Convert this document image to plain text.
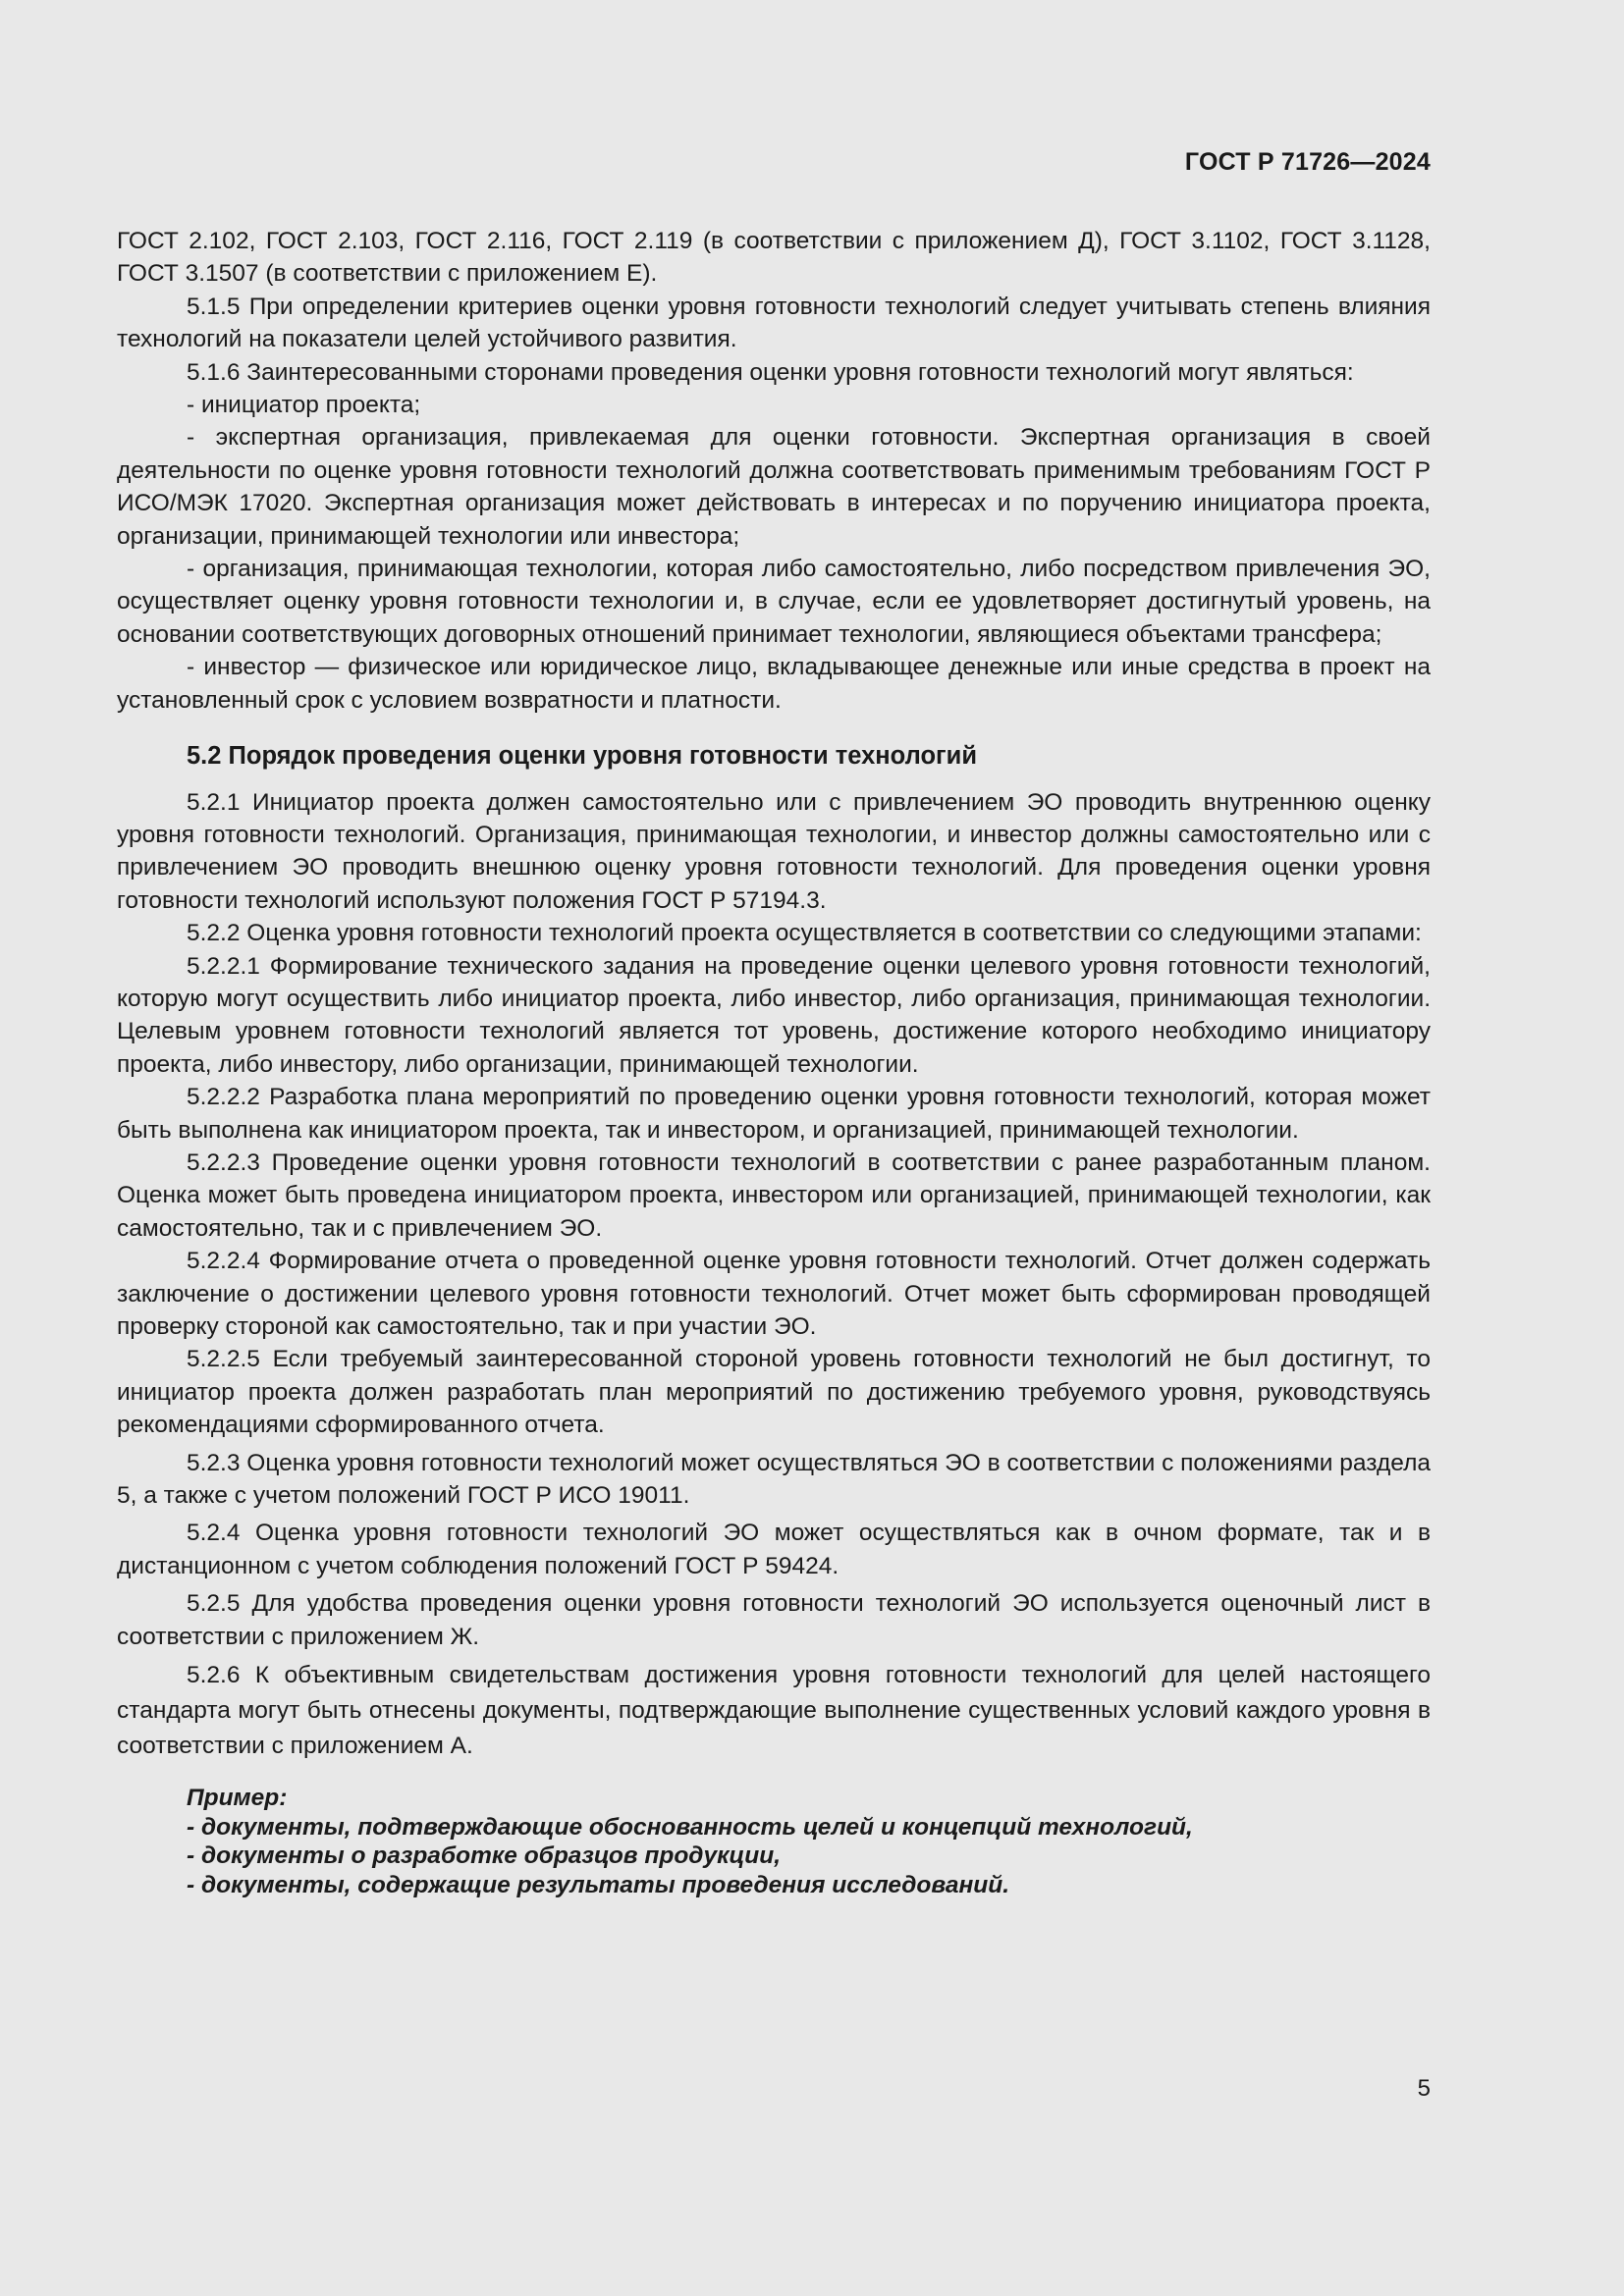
ГОСТ Р 71726—2024

ГОСТ 2.102, ГОСТ 2.103, ГОСТ 2.116, ГОСТ 2.119 (в соответствии с приложением Д), ГОСТ 3.1102, ГОСТ 3.1128, ГОСТ 3.1507 (в соответствии с приложением Е).

5.1.5 При определении критериев оценки уровня готовности технологий следует учитывать степень влияния технологий на показатели целей устойчивого развития.

5.1.6 Заинтересованными сторонами проведения оценки уровня готовности технологий могут являться:

- инициатор проекта;

- экспертная организация, привлекаемая для оценки готовности. Экспертная организация в своей деятельности по оценке уровня готовности технологий должна соответствовать применимым требованиям ГОСТ Р ИСО/МЭК 17020. Экспертная организация может действовать в интересах и по поручению инициатора проекта, организации, принимающей технологии или инвестора;

- организация, принимающая технологии, которая либо самостоятельно, либо посредством привлечения ЭО, осуществляет оценку уровня готовности технологии и, в случае, если ее удовлетворяет достигнутый уровень, на основании соответствующих договорных отношений принимает технологии, являющиеся объектами трансфера;

- инвестор — физическое или юридическое лицо, вкладывающее денежные или иные средства в проект на установленный срок с условием возвратности и платности.

5.2 Порядок проведения оценки уровня готовности технологий

5.2.1 Инициатор проекта должен самостоятельно или с привлечением ЭО проводить внутреннюю оценку уровня готовности технологий. Организация, принимающая технологии, и инвестор должны самостоятельно или с привлечением ЭО проводить внешнюю оценку уровня готовности технологий. Для проведения оценки уровня готовности технологий используют положения ГОСТ Р 57194.3.

5.2.2 Оценка уровня готовности технологий проекта осуществляется в соответствии со следующими этапами:

5.2.2.1 Формирование технического задания на проведение оценки целевого уровня готовности технологий, которую могут осуществить либо инициатор проекта, либо инвестор, либо организация, принимающая технологии. Целевым уровнем готовности технологий является тот уровень, достижение которого необходимо инициатору проекта, либо инвестору, либо организации, принимающей технологии.

5.2.2.2 Разработка плана мероприятий по проведению оценки уровня готовности технологий, которая может быть выполнена как инициатором проекта, так и инвестором, и организацией, принимающей технологии.

5.2.2.3 Проведение оценки уровня готовности технологий в соответствии с ранее разработанным планом. Оценка может быть проведена инициатором проекта, инвестором или организацией, принимающей технологии, как самостоятельно, так и с привлечением ЭО.

5.2.2.4 Формирование отчета о проведенной оценке уровня готовности технологий. Отчет должен содержать заключение о достижении целевого уровня готовности технологий. Отчет может быть сформирован проводящей проверку стороной как самостоятельно, так и при участии ЭО.

5.2.2.5 Если требуемый заинтересованной стороной уровень готовности технологий не был достигнут, то инициатор проекта должен разработать план мероприятий по достижению требуемого уровня, руководствуясь рекомендациями сформированного отчета.

5.2.3 Оценка уровня готовности технологий может осуществляться ЭО в соответствии с положениями раздела 5, а также с учетом положений ГОСТ Р ИСО 19011.

5.2.4 Оценка уровня готовности технологий ЭО может осуществляться как в очном формате, так и в дистанционном с учетом соблюдения положений ГОСТ Р 59424.

5.2.5 Для удобства проведения оценки уровня готовности технологий ЭО используется оценочный лист в соответствии с приложением Ж.

5.2.6 К объективным свидетельствам достижения уровня готовности технологий для целей настоящего стандарта могут быть отнесены документы, подтверждающие выполнение существенных условий каждого уровня в соответствии с приложением А.

Пример:

- документы, подтверждающие обоснованность целей и концепций технологий,

- документы о разработке образцов продукции,

- документы, содержащие результаты проведения исследований.

5
